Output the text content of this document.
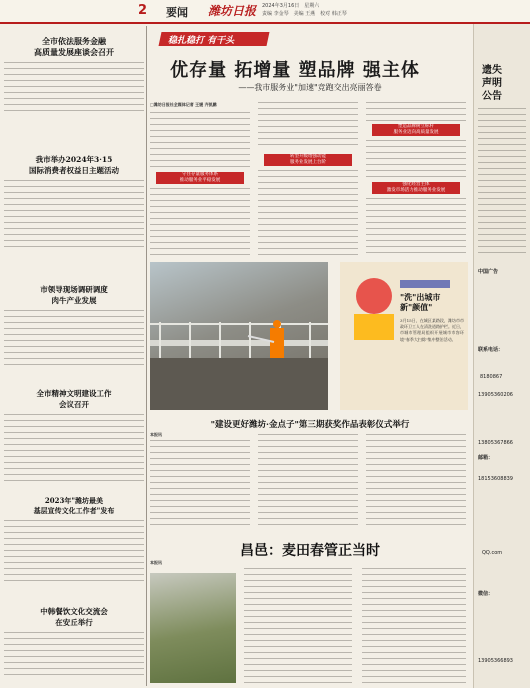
2 要闻 潍坊日报 2024年3月16日　星期六
责编 李金琴　美编 王燕　校对 韩正琴
全市依法服务金融
高质量发展座谈会召开
我市举办2024年3·15
国际消费者权益日主题活动
市领导现场调研调度
肉牛产业发展
全市精神文明建设工作
会议召开
2023年"潍坊最美
基层宣传文化工作者"发布
中韩餐饮文化交流会
在安丘举行
稳扎稳打 有干头
优存量 拓增量 塑品牌 强主体
——我市服务业"加速"竞跑交出亮丽答卷
□潍坊日报社全媒体记者 王媛 齐凯鹏
守住存量服务体系
推动服务业平稳发展
转型升级增强动能
服务业发展上台阶
塑造品牌树立标杆
服务业迈向高质量发展
强化经营主体
激发市场活力推动服务业发展
"洗"出城市
新"颜值"
3月15日，在城区某路段，潍坊市市政环卫工人在清洗道路护栏。近日，市城市管理局组织开展城市市容环境"春季大扫除"集中整治活动。
"建设更好潍坊·金点子"第三期获奖作品表彰仪式举行
本报讯
昌邑：麦田春管正当时
本报讯
遗失
声明
公告
中国广告
联系电话：
8180867
13905360206
13805367866
邮箱：
18153608839
QQ.com
微信：
13905366893
